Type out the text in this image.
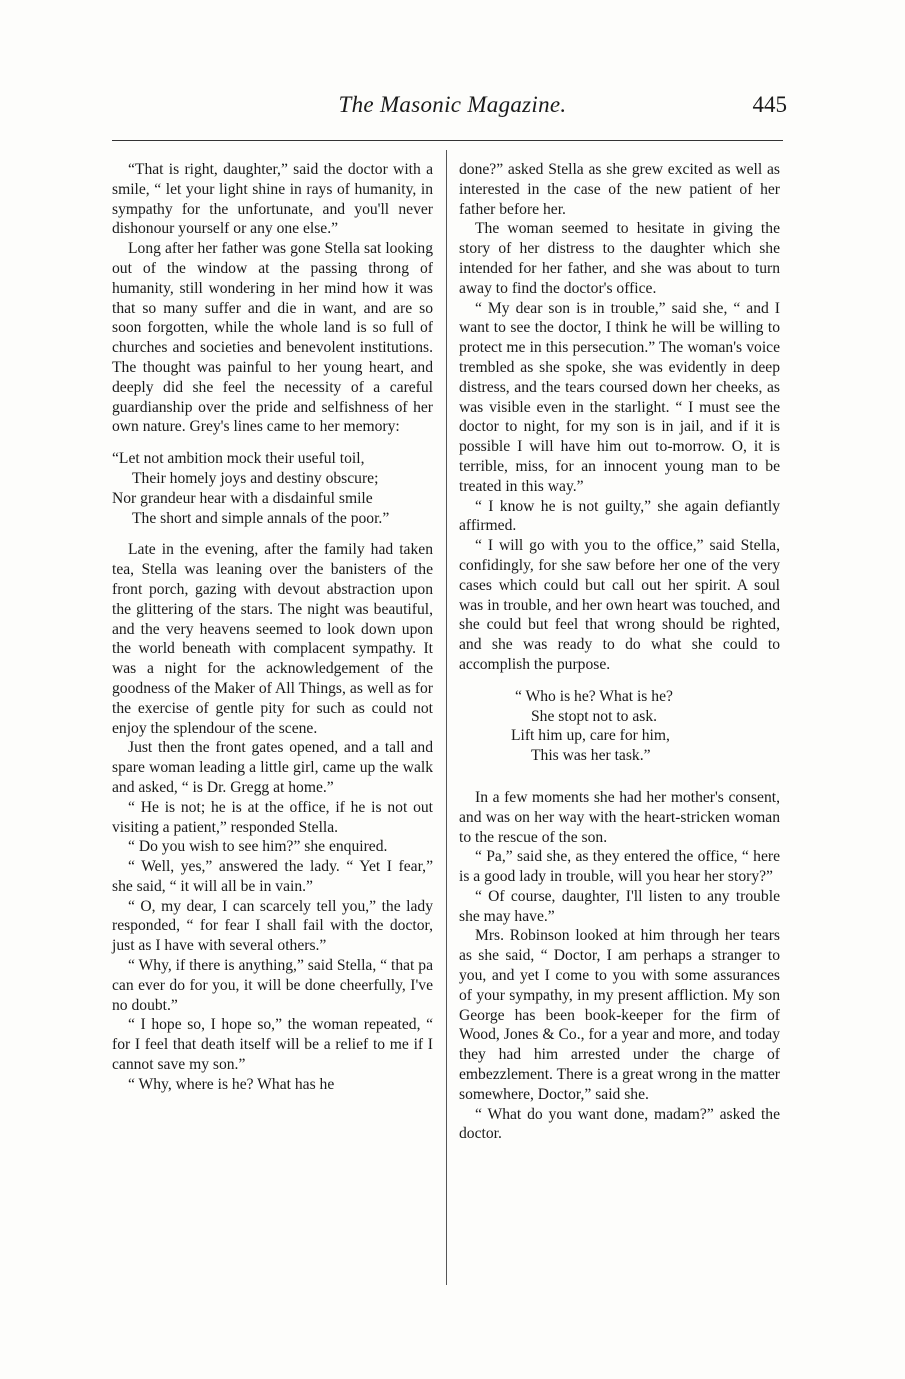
The Masonic Magazine.	445

“That is right, daughter,” said the doctor with a smile, “ let your light shine in rays of humanity, in sympathy for the unfortunate, and you'll never dishonour yourself or any one else.”

Long after her father was gone Stella sat looking out of the window at the passing throng of humanity, still wondering in her mind how it was that so many suffer and die in want, and are so soon forgotten, while the whole land is so full of churches and societies and benevolent institutions. The thought was painful to her young heart, and deeply did she feel the necessity of a careful guardianship over the pride and selfishness of her own nature. Grey's lines came to her memory:

“Let not ambition mock their useful toil,
Their homely joys and destiny obscure;
Nor grandeur hear with a disdainful smile
The short and simple annals of the poor.”

Late in the evening, after the family had taken tea, Stella was leaning over the banisters of the front porch, gazing with devout abstraction upon the glittering of the stars. The night was beautiful, and the very heavens seemed to look down upon the world beneath with complacent sympathy. It was a night for the acknowledgement of the goodness of the Maker of All Things, as well as for the exercise of gentle pity for such as could not enjoy the splendour of the scene.

Just then the front gates opened, and a tall and spare woman leading a little girl, came up the walk and asked, “ is Dr. Gregg at home.”

“ He is not; he is at the office, if he is not out visiting a patient,” responded Stella.

“ Do you wish to see him?” she enquired.

“ Well, yes,” answered the lady. “ Yet I fear,” she said, “ it will all be in vain.”

“ O, my dear, I can scarcely tell you,” the lady responded, “ for fear I shall fail with the doctor, just as I have with several others.”

“ Why, if there is anything,” said Stella, “ that pa can ever do for you, it will be done cheerfully, I've no doubt.”

“ I hope so, I hope so,” the woman repeated, “ for I feel that death itself will be a relief to me if I cannot save my son.”

“ Why, where is he? What has he

done?” asked Stella as she grew excited as well as interested in the case of the new patient of her father before her.

The woman seemed to hesitate in giving the story of her distress to the daughter which she intended for her father, and she was about to turn away to find the doctor's office.

“ My dear son is in trouble,” said she, “ and I want to see the doctor, I think he will be willing to protect me in this persecution.” The woman's voice trembled as she spoke, she was evidently in deep distress, and the tears coursed down her cheeks, as was visible even in the starlight. “ I must see the doctor to night, for my son is in jail, and if it is possible I will have him out to-morrow. O, it is terrible, miss, for an innocent young man to be treated in this way.”

“ I know he is not guilty,” she again defiantly affirmed.

“ I will go with you to the office,” said Stella, confidingly, for she saw before her one of the very cases which could but call out her spirit. A soul was in trouble, and her own heart was touched, and she could but feel that wrong should be righted, and she was ready to do what she could to accomplish the purpose.

“ Who is he? What is he?
She stopt not to ask.
Lift him up, care for him,
This was her task.”

In a few moments she had her mother's consent, and was on her way with the heart-stricken woman to the rescue of the son.

“ Pa,” said she, as they entered the office, “ here is a good lady in trouble, will you hear her story?”

“ Of course, daughter, I'll listen to any trouble she may have.”

Mrs. Robinson looked at him through her tears as she said, “ Doctor, I am perhaps a stranger to you, and yet I come to you with some assurances of your sympathy, in my present affliction. My son George has been book-keeper for the firm of Wood, Jones & Co., for a year and more, and today they had him arrested under the charge of embezzlement. There is a great wrong in the matter somewhere, Doctor,” said she.

“ What do you want done, madam?” asked the doctor.
